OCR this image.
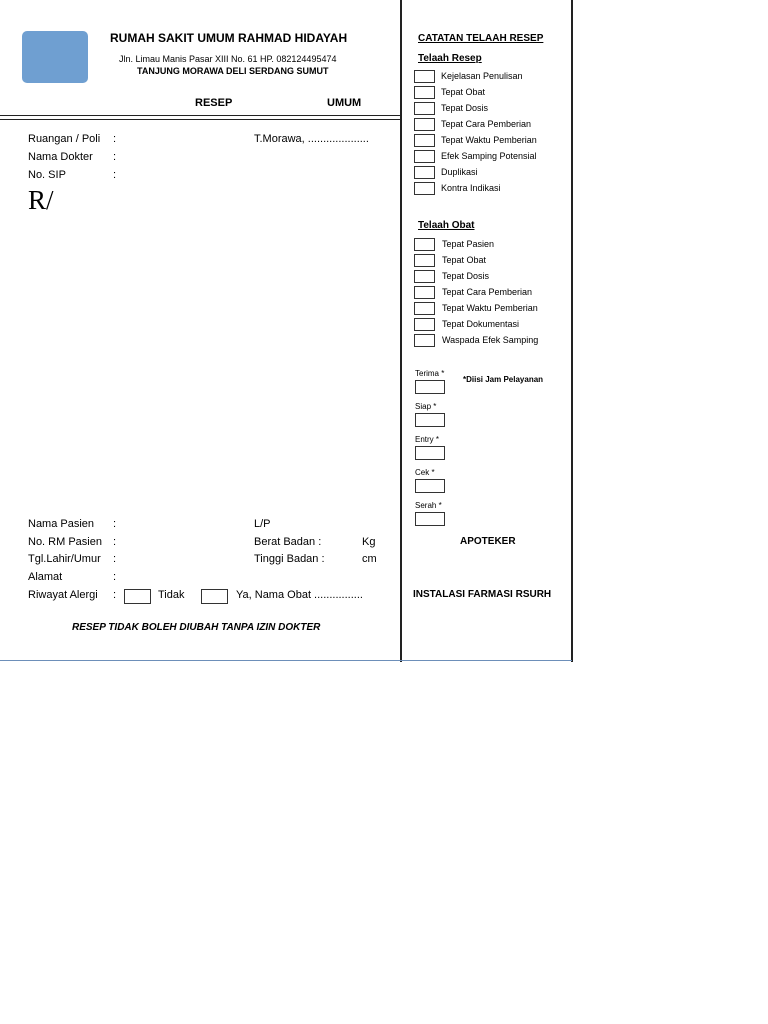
RUMAH SAKIT UMUM RAHMAD HIDAYAH
Jln. Limau Manis Pasar XIII No. 61 HP. 082124495474
TANJUNG MORAWA DELI SERDANG SUMUT
RESEP	UMUM
Ruangan / Poli :	T.Morawa, ....................
Nama Dokter :
No. SIP	:
R/
Nama Pasien :	L/P
No. RM Pasien :	Berat Badan :	Kg
Tgl.Lahir/Umur :	Tinggi Badan :	cm
Alamat	:
Riwayat Alergi :	Tidak	Ya, Nama Obat ................
RESEP TIDAK BOLEH DIUBAH TANPA IZIN DOKTER
CATATAN TELAAH RESEP
Telaah Resep
Kejelasan Penulisan
Tepat Obat
Tepat Dosis
Tepat Cara Pemberian
Tepat Waktu Pemberian
Efek Samping Potensial
Duplikasi
Kontra Indikasi
Telaah Obat
Tepat Pasien
Tepat Obat
Tepat Dosis
Tepat Cara Pemberian
Tepat Waktu Pemberian
Tepat Dokumentasi
Waspada Efek Samping
*Diisi Jam Pelayanan
Terima *
Siap *
Entry *
Cek *
Serah *
APOTEKER
INSTALASI FARMASI RSURH
